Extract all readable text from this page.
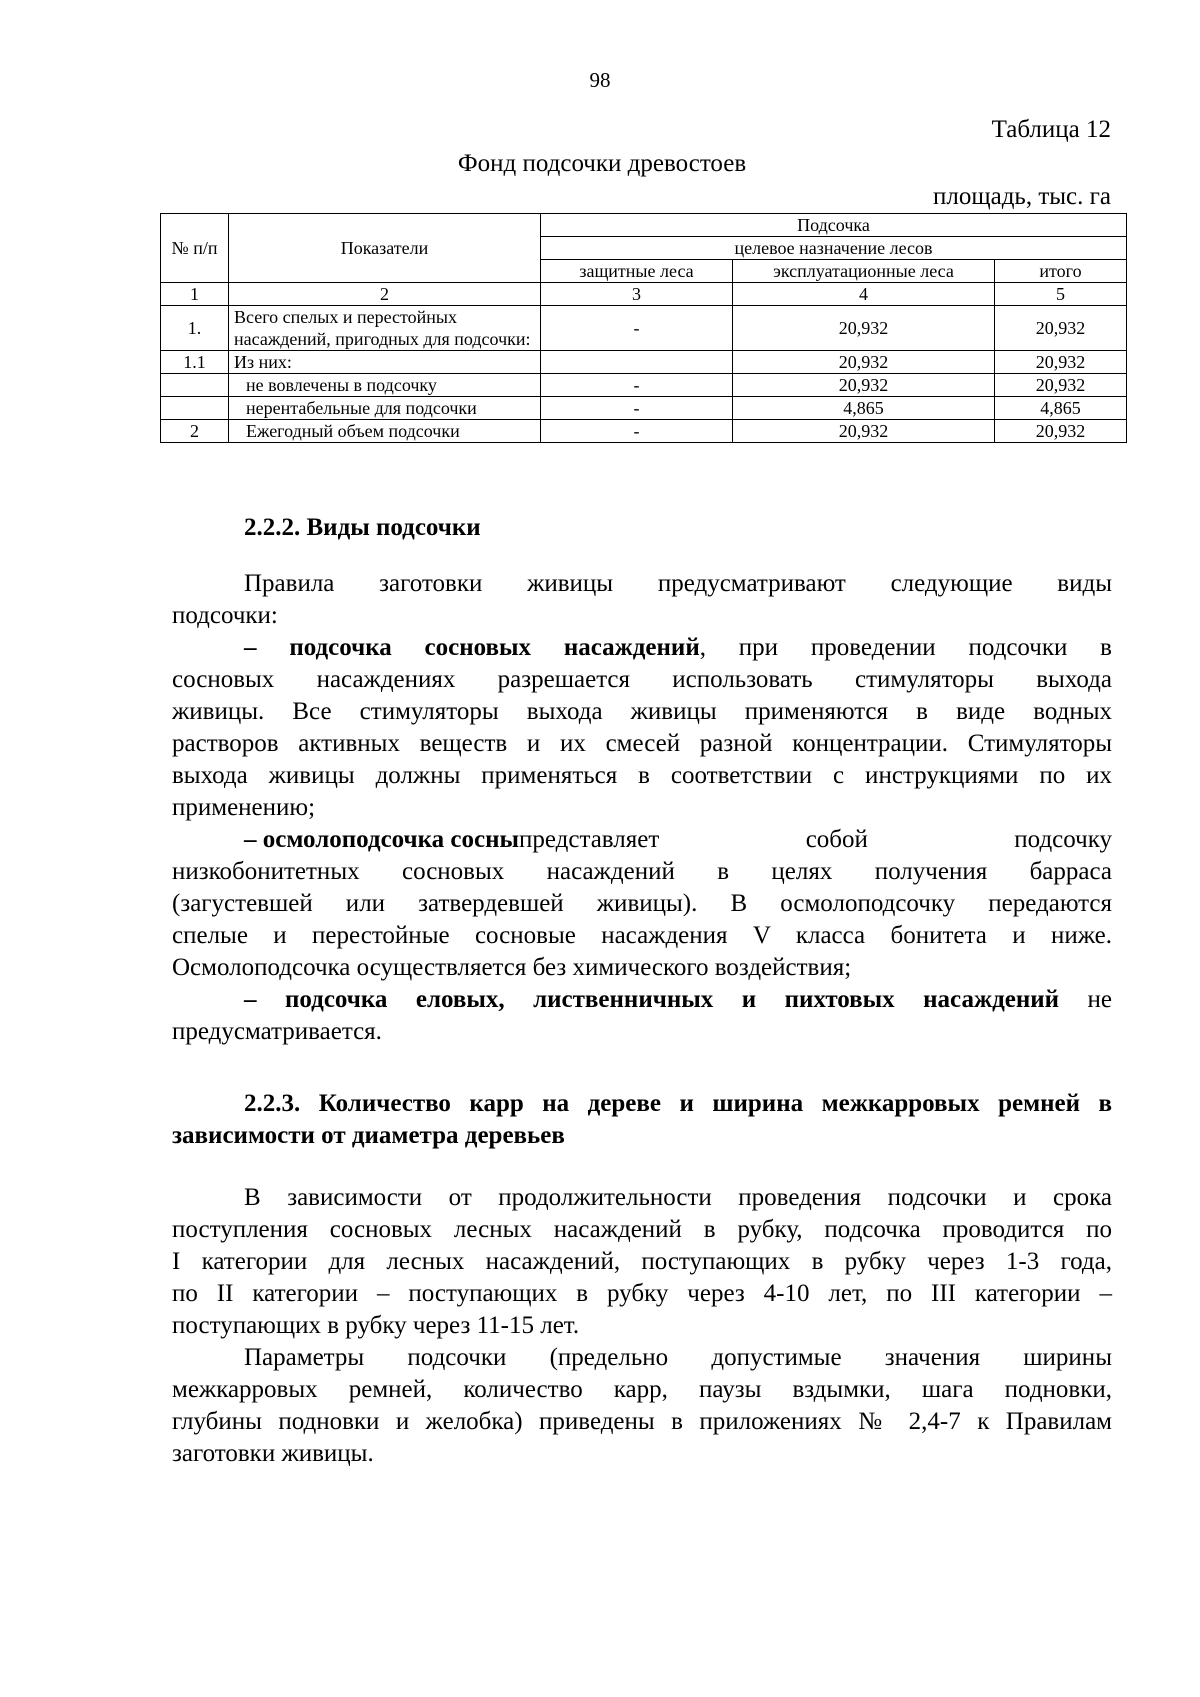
98
Таблица 12
Фонд подсочки древостоев
площадь, тыс. га
№ п/п	Показатели	Подсочка		
		целевое назначение лесов		
		защитные леса	эксплуатационные леса	итого
1	2	3	4	5
1.	Всего спелых и перестойных насаждений, пригодных для подсочки:	-	20,932	20,932
1.1	Из них:		20,932	20,932
	не вовлечены в подсочку	-	20,932	20,932
	нерентабельные для подсочки	-	4,865	4,865
2	Ежегодный объем подсочки	-	20,932	20,932
2.2.2. Виды подсочки
Правила заготовки живицы предусматривают следующие виды
подсочки:
– подсочка сосновых насаждений, при проведении подсочки в
сосновых насаждениях разрешается использовать стимуляторы выхода
живицы. Все стимуляторы выхода живицы применяются в виде водных
растворов активных веществ и их смесей разной концентрации. Стимуляторы
выхода живицы должны применяться в соответствии с инструкциями по их
применению;
– осмолоподсочка сосны представляет собой подсочку
низкобонитетных сосновых насаждений в целях получения барраса
(загустевшей или затвердевшей живицы). В осмолоподсочку передаются
спелые и перестойные сосновые насаждения V класса бонитета и ниже.
Осмолоподсочка осуществляется без химического воздействия;
– подсочка еловых, лиственничных и пихтовых насаждений не
предусматривается.
2.2.3. Количество карр на дереве и ширина межкарровых ремней в
зависимости от диаметра деревьев
В зависимости от продолжительности проведения подсочки и срока
поступления сосновых лесных насаждений в рубку, подсочка проводится по
I категории для лесных насаждений, поступающих в рубку через 1-3 года,
по II категории – поступающих в рубку через 4-10 лет, по III категории –
поступающих в рубку через 11-15 лет.
Параметры подсочки (предельно допустимые значения ширины
межкарровых ремней, количество карр, паузы вздымки, шага подновки,
глубины подновки и желобка) приведены в приложениях № 2,4-7 к Правилам
заготовки живицы.
